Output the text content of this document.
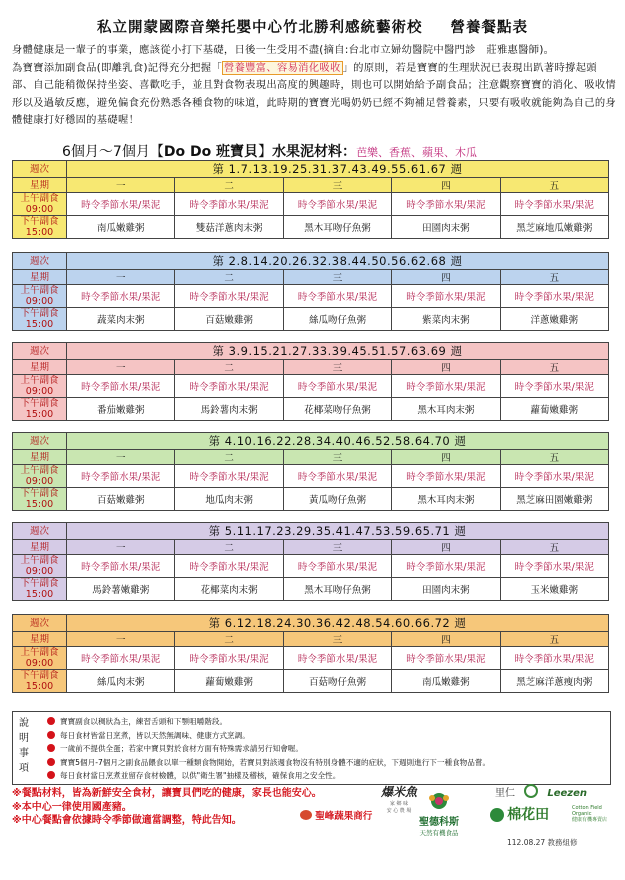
私立開蒙國際音樂托嬰中心竹北勝利感統藝術校 營養餐點表
身體健康是一輩子的事業，應該從小打下基礎，日後一生受用不盡(摘自:台北市立婦幼醫院中醫門診　莊雅惠醫師)。
為寶寶添加副食品(即離乳食)記得充分把握「 營養豐富、容易消化吸收 」的原則，若是寶寶的生理狀況已表現出趴著時撐起頭部、自己能稍微保持坐姿、喜歡吃手，並且對食物表現出高度的興趣時，則也可以開始給予副食品；注意觀察寶寶的消化、吸收情形以及過敏反應，避免偏食充份熟悉各種食物的味道，此時期的寶寶光喝奶奶已經不夠補足營養素，只要有吸收就能夠為自己的身體健康打好穩固的基礎喔！
6個月～7個月【Do Do 班寶貝】水果泥材料：芭樂、香蕉、蘋果、木瓜
週次	第 1.7.13.19.25.31.37.43.49.55.61.67 週				
星期	一	二	三	四	五

上午副食
09:00	時令季節水果/果泥	時令季節水果/果泥	時令季節水果/果泥	時令季節水果/果泥	時令季節水果/果泥

下午副食
15:00	南瓜嫩雞粥	雙菇洋蔥肉末粥	黑木耳吻仔魚粥	田園肉末粥	黑芝麻地瓜嫩雞粥
週次	第 2.8.14.20.26.32.38.44.50.56.62.68 週				
星期	一	二	三	四	五

上午副食
09:00	時令季節水果/果泥	時令季節水果/果泥	時令季節水果/果泥	時令季節水果/果泥	時令季節水果/果泥

下午副食
15:00	蔬菜肉末粥	百菇嫩雞粥	絲瓜吻仔魚粥	紫菜肉末粥	洋蔥嫩雞粥
週次	第 3.9.15.21.27.33.39.45.51.57.63.69 週				
星期	一	二	三	四	五

上午副食
09:00	時令季節水果/果泥	時令季節水果/果泥	時令季節水果/果泥	時令季節水果/果泥	時令季節水果/果泥

下午副食
15:00	番茄嫩雞粥	馬鈴薯肉末粥	花椰菜吻仔魚粥	黑木耳肉末粥	蘿蔔嫩雞粥
週次	第 4.10.16.22.28.34.40.46.52.58.64.70 週				
星期	一	二	三	四	五

上午副食
09:00	時令季節水果/果泥	時令季節水果/果泥	時令季節水果/果泥	時令季節水果/果泥	時令季節水果/果泥

下午副食
15:00	百菇嫩雞粥	地瓜肉末粥	黃瓜吻仔魚粥	黑木耳肉末粥	黑芝麻田園嫩雞粥
週次	第 5.11.17.23.29.35.41.47.53.59.65.71 週				
星期	一	二	三	四	五

上午副食
09:00	時令季節水果/果泥	時令季節水果/果泥	時令季節水果/果泥	時令季節水果/果泥	時令季節水果/果泥

下午副食
15:00	馬鈴薯嫩雞粥	花椰菜肉末粥	黑木耳吻仔魚粥	田園肉末粥	玉米嫩雞粥
週次	第 6.12.18.24.30.36.42.48.54.60.66.72 週				
星期	一	二	三	四	五

上午副食
09:00	時令季節水果/果泥	時令季節水果/果泥	時令季節水果/果泥	時令季節水果/果泥	時令季節水果/果泥

下午副食
15:00	絲瓜肉末粥	蘿蔔嫩雞粥	百菇吻仔魚粥	南瓜嫩雞粥	黑芝麻洋蔥瘦肉粥
說
明
事
項
寶寶副食以稠狀為主，練習舌頭和下顎咀嚼階段。
每日食材皆當日烹煮，皆以天然無調味、健康方式烹調。
一歲前不提供全蛋；若家中寶貝對於食材方面有特殊需求請另行知會喔。
寶寶5個月-7個月之副食品餵食以單一種類食物開始，若寶貝對該週食物沒有特別身體不適的症狀，下週則進行下一種食物品嘗。
每日食材當日烹煮並留存食材檢體，以供"衛生署"抽樣及稽核，確保食用之安全性。
※餐點材料，皆為新鮮安全食材，讓寶貝們吃的健康，家長也能安心。
※本中心一律使用國產豬。
※中心餐點會依據時令季節做適當調整，特此告知。
爆米魚
家 鄉 味
安 心 農 場
聖峰蔬果商行
聖德科斯
天然有機食品
里仁	Leezen
棉花田	Cotton Field Organic
健康有機專賣店
112.08.27 教務組修
